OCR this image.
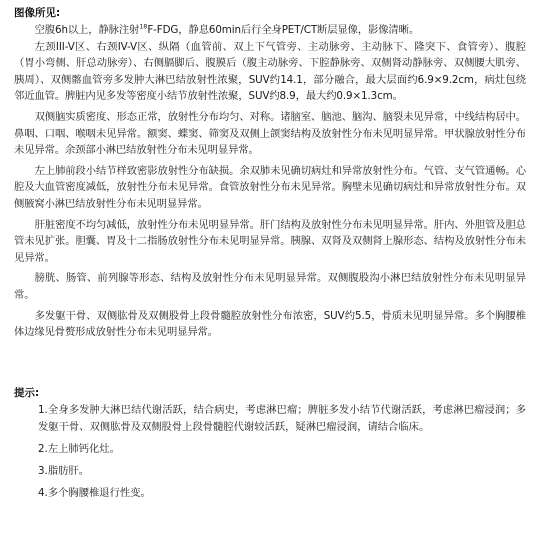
图像所见:

空腹6h以上，静脉注射$^{18}$F-FDG，静息60min后行全身PET/CT断层显像，影像清晰。

左颈III-V区、右颈IV-V区、纵隔（血管前、双上下气管旁、主动脉旁、主动脉下、隆突下、食管旁）、腹腔（胃小弯侧、肝总动脉旁）、右侧膈脚后、腹膜后（腹主动脉旁、下腔静脉旁、双侧肾动静脉旁、双侧腰大肌旁、胰周）、双侧髂血管旁多发肿大淋巴结放射性浓聚，SUV约14.1，部分融合，最大层面约6.9×9.2cm，病灶包绕邻近血管。脾脏内见多发等密度小结节放射性浓聚，SUV约8.9，最大约0.9×1.3cm。

双侧脑实质密度、形态正常，放射性分布均匀、对称。诸脑室、脑池、脑沟、脑裂未见异常，中线结构居中。鼻咽、口咽、喉咽未见异常。额窦、蝶窦、筛窦及双侧上颌窦结构及放射性分布未见明显异常。甲状腺放射性分布未见异常。余颈部小淋巴结放射性分布未见明显异常。

左上肺前段小结节样致密影放射性分布缺损。余双肺未见确切病灶和异常放射性分布。气管、支气管通畅。心腔及大血管密度减低，放射性分布未见异常。食管放射性分布未见异常。胸壁未见确切病灶和异常放射性分布。双侧腋窝小淋巴结放射性分布未见明显异常。

肝脏密度不均匀减低，放射性分布未见明显异常。肝门结构及放射性分布未见明显异常。肝内、外胆管及胆总管未见扩张。胆囊、胃及十二指肠放射性分布未见明显异常。胰腺、双肾及双侧肾上腺形态、结构及放射性分布未见异常。

膀胱、肠管、前列腺等形态、结构及放射性分布未见明显异常。双侧腹股沟小淋巴结放射性分布未见明显异常。

多发躯干骨、双侧肱骨及双侧股骨上段骨髓腔放射性分布浓密，SUV约5.5，骨质未见明显异常。多个胸腰椎体边缘见骨赘形成放射性分布未见明显异常。

提示:

1.全身多发肿大淋巴结代谢活跃，结合病史，考虑淋巴瘤；脾脏多发小结节代谢活跃，考虑淋巴瘤浸润；多发躯干骨、双侧肱骨及双侧股骨上段骨髓腔代谢较活跃，疑淋巴瘤浸润，请结合临床。

2.左上肺钙化灶。

3.脂肪肝。

4.多个胸腰椎退行性变。
